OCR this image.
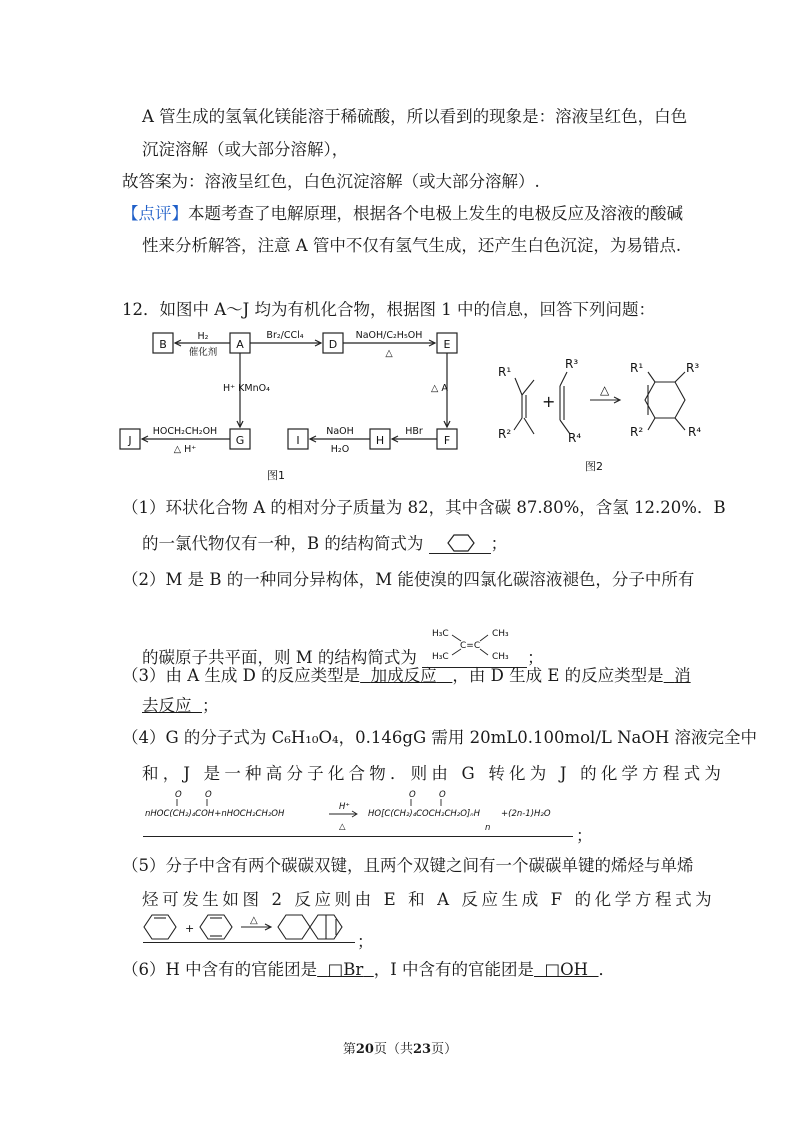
A 管生成的氢氧化镁能溶于稀硫酸，所以看到的现象是：溶液呈红色，白色
沉淀溶解（或大部分溶解），
故答案为：溶液呈红色，白色沉淀溶解（或大部分溶解）.
【点评】本题考查了电解原理，根据各个电极上发生的电极反应及溶液的酸碱
性来分析解答，注意 A 管中不仅有氢气生成，还产生白色沉淀，为易错点.
12．如图中 A～J 均为有机化合物，根据图 1 中的信息，回答下列问题：
B	A	D	E
J	G	I	H	F
H₂
催化剂
Br₂/CCl₄	NaOH/C₂H₅OH
△
△ A
H⁺ KMnO₄
HOCH₂CH₂OH
△ H⁺
NaOH
H₂O
HBr
图1
R¹
R²
R³
R⁴
+
△
R¹
R²
R³
R⁴
图2
（1）环状化合物 A 的相对分子质量为 82，其中含碳 87.80%，含氢 12.20%．B
的一氯代物仅有一种，B 的结构简式为	；
（2）M 是 B 的一种同分异构体，M 能使溴的四氯化碳溶液褪色，分子中所有
的碳原子共平面，则 M 的结构简式为
H₃C	CH₃
H₃C	CH₃
C=C
；
（3）由 A 生成 D 的反应类型是 加成反应 ，由 D 生成 E 的反应类型是 消
去反应 ；
（4）G 的分子式为 C₆H₁₀O₄，0.146gG 需用 20mL0.100mol/L NaOH 溶液完全中
和，J 是一种高分子化合物．则由 G 转化为 J 的化学方程式为
O	O
nHOC(CH₂)₄COH+nHOCH₂CH₂OH
H⁺
△
O	O
HO[C(CH₂)₄COCH₂CH₂O]ₙH +(2n-1)H₂O
n	；
（5）分子中含有两个碳碳双键，且两个双键之间有一个碳碳单键的烯烃与单烯
烃可发生如图 2 反应则由 E 和 A 反应生成 F 的化学方程式为
+
△
；
（6）H 中含有的官能团是 □Br ，I 中含有的官能团是 □OH ．
第20页（共23页）
